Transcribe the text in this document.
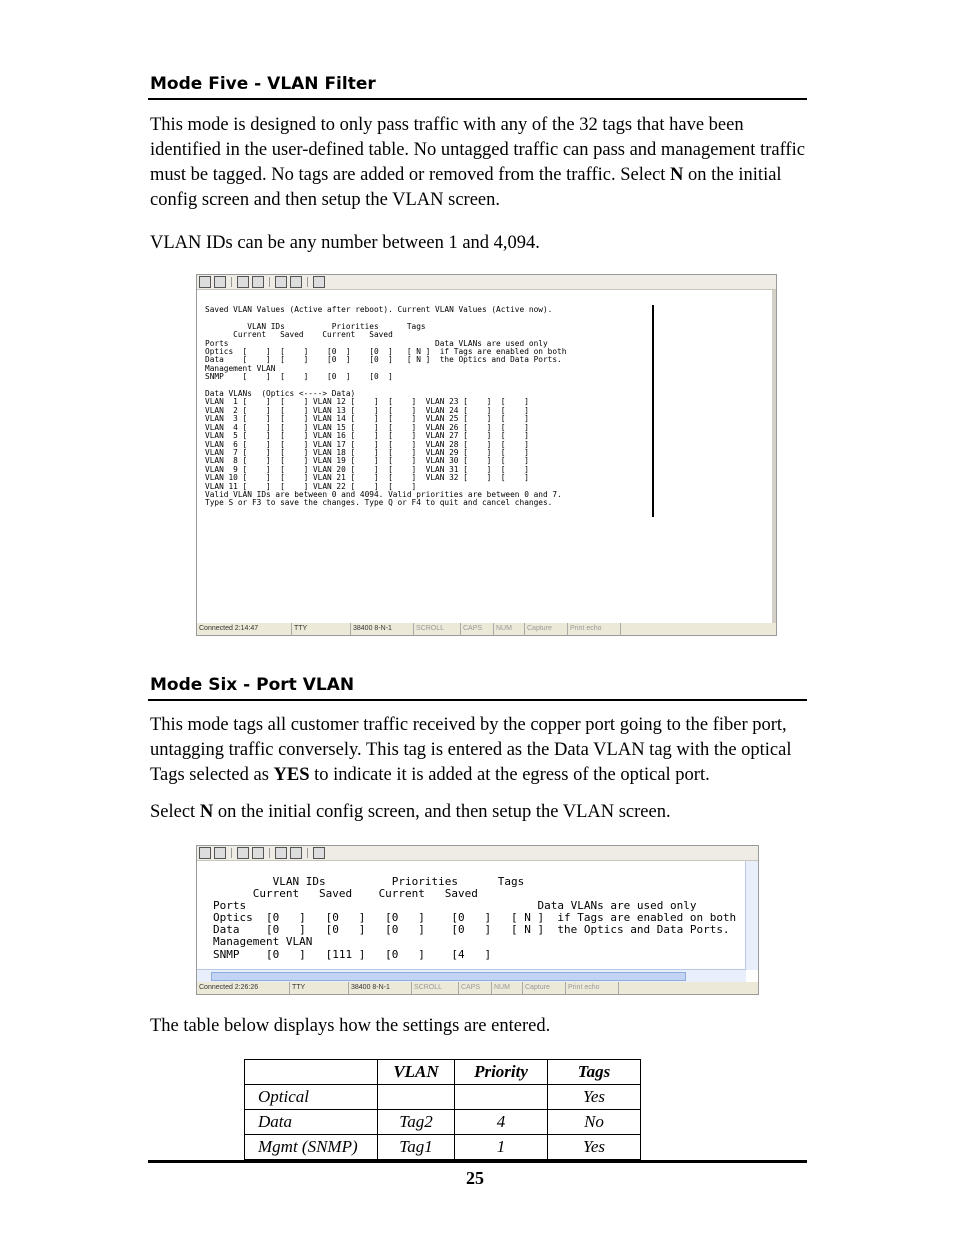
Mode Five - VLAN Filter
This mode is designed to only pass traffic with any of the 32 tags that have been identified in the user-defined table. No untagged traffic can pass and management traffic must be tagged. No tags are added or removed from the traffic. Select N on the initial config screen and then setup the VLAN screen.
VLAN IDs can be any number between 1 and 4,094.
Saved VLAN Values (Active after reboot). Current VLAN Values (Active now).

VLAN IDs          Priorities      Tags
Current   Saved    Current   Saved
Ports                                            Data VLANs are used only
Optics  [    ]  [    ]    [0  ]    [0  ]   [ N ]  if Tags are enabled on both
Data    [    ]  [    ]    [0  ]    [0  ]   [ N ]  the Optics and Data Ports.
Management VLAN
SNMP    [    ]  [    ]    [0  ]    [0  ]

Data VLANs  (Optics <----> Data)
VLAN  1 [    ]  [    ] VLAN 12 [    ]  [    ]  VLAN 23 [    ]  [    ]
VLAN  2 [    ]  [    ] VLAN 13 [    ]  [    ]  VLAN 24 [    ]  [    ]
VLAN  3 [    ]  [    ] VLAN 14 [    ]  [    ]  VLAN 25 [    ]  [    ]
VLAN  4 [    ]  [    ] VLAN 15 [    ]  [    ]  VLAN 26 [    ]  [    ]
VLAN  5 [    ]  [    ] VLAN 16 [    ]  [    ]  VLAN 27 [    ]  [    ]
VLAN  6 [    ]  [    ] VLAN 17 [    ]  [    ]  VLAN 28 [    ]  [    ]
VLAN  7 [    ]  [    ] VLAN 18 [    ]  [    ]  VLAN 29 [    ]  [    ]
VLAN  8 [    ]  [    ] VLAN 19 [    ]  [    ]  VLAN 30 [    ]  [    ]
VLAN  9 [    ]  [    ] VLAN 20 [    ]  [    ]  VLAN 31 [    ]  [    ]
VLAN 10 [    ]  [    ] VLAN 21 [    ]  [    ]  VLAN 32 [    ]  [    ]
VLAN 11 [    ]  [    ] VLAN 22 [    ]  [    ]
Valid VLAN IDs are between 0 and 4094. Valid priorities are between 0 and 7.
Type S or F3 to save the changes. Type Q or F4 to quit and cancel changes.
Connected 2:14:47	TTY	38400 8-N-1	SCROLL	CAPS	NUM	Capture	Print echo
Mode Six - Port VLAN
This mode tags all customer traffic received by the copper port going to the fiber port, untagging traffic conversely. This tag is entered as the Data VLAN tag with the optical Tags selected as YES to indicate it is added at the egress of the optical port.
Select N on the initial config screen, and then setup the VLAN screen.
VLAN IDs          Priorities      Tags
Current   Saved    Current   Saved
Ports                                            Data VLANs are used only
Optics  [0   ]   [0   ]   [0   ]    [0   ]   [ N ]  if Tags are enabled on both
Data    [0   ]   [0   ]   [0   ]    [0   ]   [ N ]  the Optics and Data Ports.
Management VLAN
SNMP    [0   ]   [111 ]   [0   ]    [4   ]
Connected 2:26:26	TTY	38400 8-N-1	SCROLL	CAPS	NUM	Capture	Print echo
The table below displays how the settings are entered.
	VLAN	Priority	Tags
Optical			Yes
Data	Tag2	4	No
Mgmt (SNMP)	Tag1	1	Yes
25
